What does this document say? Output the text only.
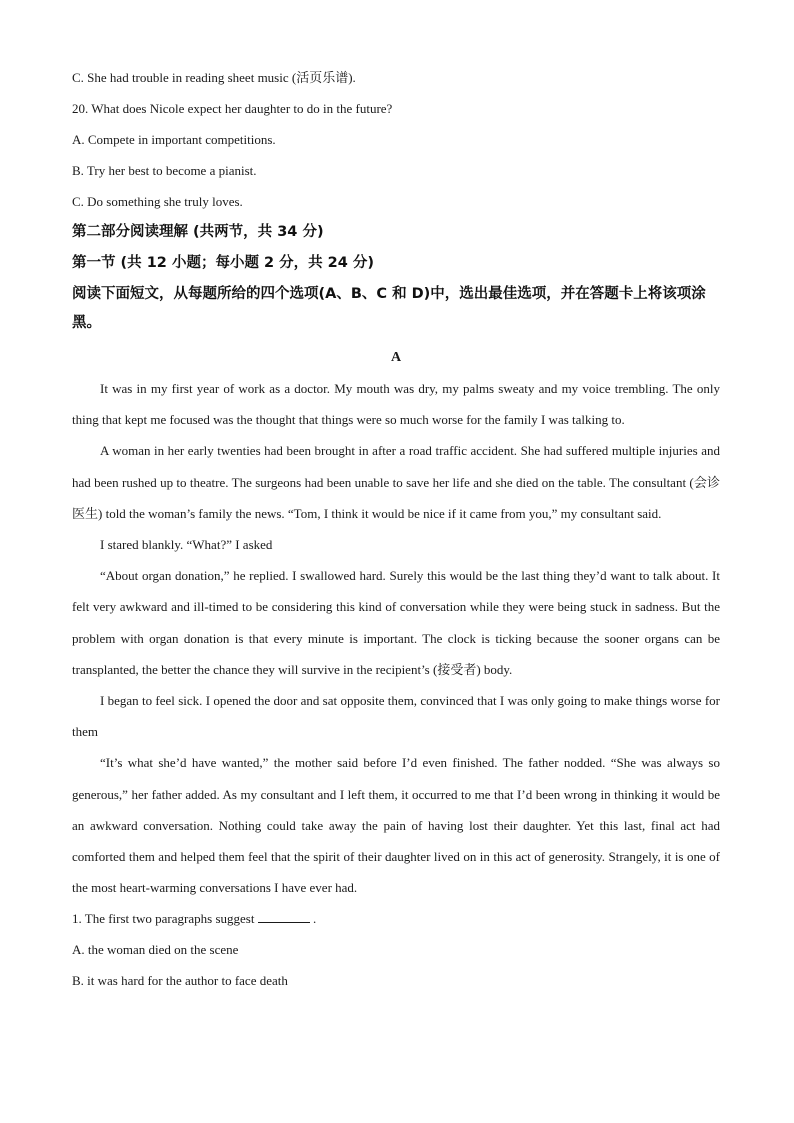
C. She had trouble in reading sheet music (活页乐谱).

20. What does Nicole expect her daughter to do in the future?

A. Compete in important competitions.

B. Try her best to become a pianist.

C. Do something she truly loves.

第二部分阅读理解 (共两节，共 34 分)

第一节 (共 12 小题；每小题 2 分，共 24 分)

阅读下面短文，从每题所给的四个选项(A、B、C 和 D)中，选出最佳选项，并在答题卡上将该项涂黑。

A

It was in my first year of work as a doctor. My mouth was dry, my palms sweaty and my voice trembling. The only thing that kept me focused was the thought that things were so much worse for the family I was talking to.

A woman in her early twenties had been brought in after a road traffic accident. She had suffered multiple injuries and had been rushed up to theatre. The surgeons had been unable to save her life and she died on the table. The consultant (会诊医生) told the woman’s family the news. “Tom, I think it would be nice if it came from you,” my consultant said.

I stared blankly. “What?” I asked

“About organ donation,” he replied. I swallowed hard. Surely this would be the last thing they’d want to talk about. It felt very awkward and ill-timed to be considering this kind of conversation while they were being stuck in sadness. But the problem with organ donation is that every minute is important. The clock is ticking because the sooner organs can be transplanted, the better the chance they will survive in the recipient’s (接受者) body.

I began to feel sick. I opened the door and sat opposite them, convinced that I was only going to make things worse for them

“It’s what she’d have wanted,” the mother said before I’d even finished. The father nodded. “She was always so generous,” her father added. As my consultant and I left them, it occurred to me that I’d been wrong in thinking it would be an awkward conversation. Nothing could take away the pain of having lost their daughter. Yet this last, final act had comforted them and helped them feel that the spirit of their daughter lived on in this act of generosity. Strangely, it is one of the most heart-warming conversations I have ever had.

1. The first two paragraphs suggest	.

A. the woman died on the scene

B. it was hard for the author to face death
